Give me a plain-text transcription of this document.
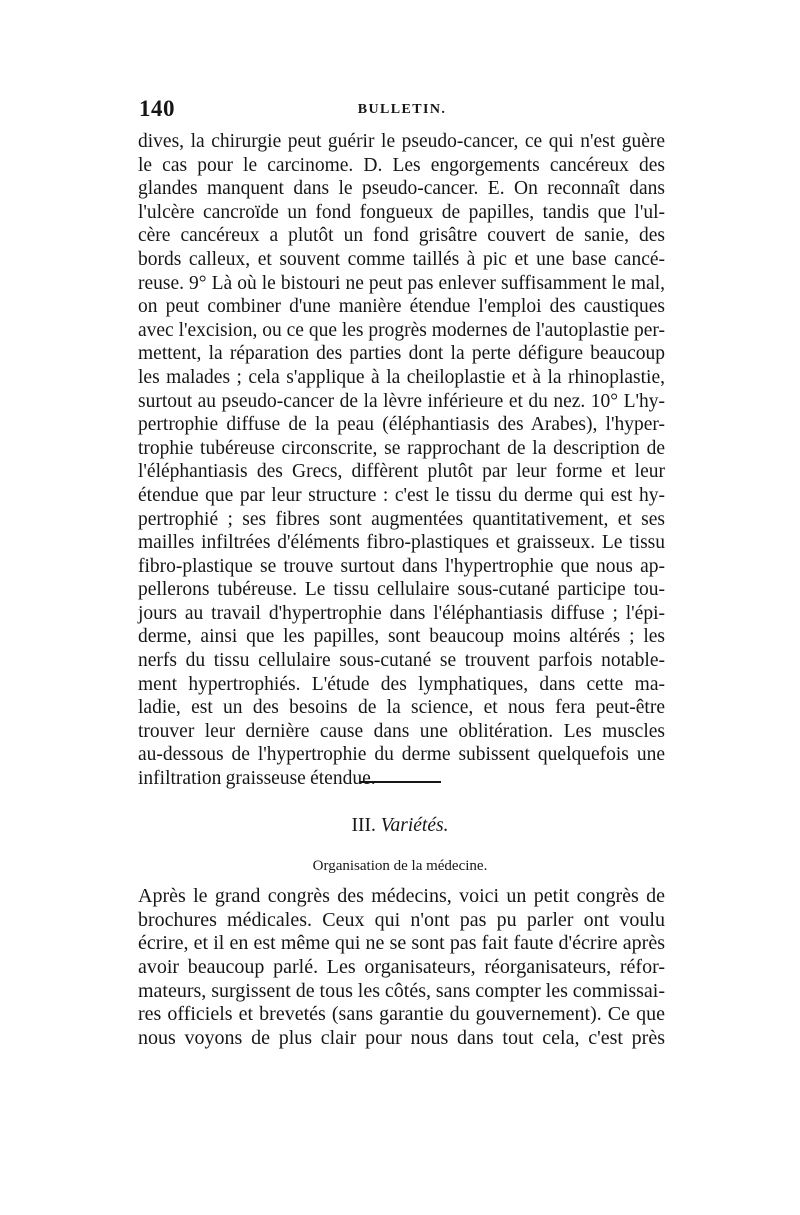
140	BULLETIN.
dives, la chirurgie peut guérir le pseudo-cancer, ce qui n'est guère
le cas pour le carcinome. D. Les engorgements cancéreux des
glandes manquent dans le pseudo-cancer. E. On reconnaît dans
l'ulcère cancroïde un fond fongueux de papilles, tandis que l'ul-
cère cancéreux a plutôt un fond grisâtre couvert de sanie, des
bords calleux, et souvent comme taillés à pic et une base cancé-
reuse. 9° Là où le bistouri ne peut pas enlever suffisamment le mal,
on peut combiner d'une manière étendue l'emploi des caustiques
avec l'excision, ou ce que les progrès modernes de l'autoplastie per-
mettent, la réparation des parties dont la perte défigure beaucoup
les malades ; cela s'applique à la cheiloplastie et à la rhinoplastie,
surtout au pseudo-cancer de la lèvre inférieure et du nez. 10° L'hy-
pertrophie diffuse de la peau (éléphantiasis des Arabes), l'hyper-
trophie tubéreuse circonscrite, se rapprochant de la description de
l'éléphantiasis des Grecs, diffèrent plutôt par leur forme et leur
étendue que par leur structure : c'est le tissu du derme qui est hy-
pertrophié ; ses fibres sont augmentées quantitativement, et ses
mailles infiltrées d'éléments fibro-plastiques et graisseux. Le tissu
fibro-plastique se trouve surtout dans l'hypertrophie que nous ap-
pellerons tubéreuse. Le tissu cellulaire sous-cutané participe tou-
jours au travail d'hypertrophie dans l'éléphantiasis diffuse ; l'épi-
derme, ainsi que les papilles, sont beaucoup moins altérés ; les
nerfs du tissu cellulaire sous-cutané se trouvent parfois notable-
ment hypertrophiés. L'étude des lymphatiques, dans cette ma-
ladie, est un des besoins de la science, et nous fera peut-être
trouver leur dernière cause dans une oblitération. Les muscles
au-dessous de l'hypertrophie du derme subissent quelquefois une
infiltration graisseuse étendue.
III. Variétés.
Organisation de la médecine.
Après le grand congrès des médecins, voici un petit congrès de
brochures médicales. Ceux qui n'ont pas pu parler ont voulu
écrire, et il en est même qui ne se sont pas fait faute d'écrire après
avoir beaucoup parlé. Les organisateurs, réorganisateurs, réfor-
mateurs, surgissent de tous les côtés, sans compter les commissai-
res officiels et brevetés (sans garantie du gouvernement). Ce que
nous voyons de plus clair pour nous dans tout cela, c'est près
